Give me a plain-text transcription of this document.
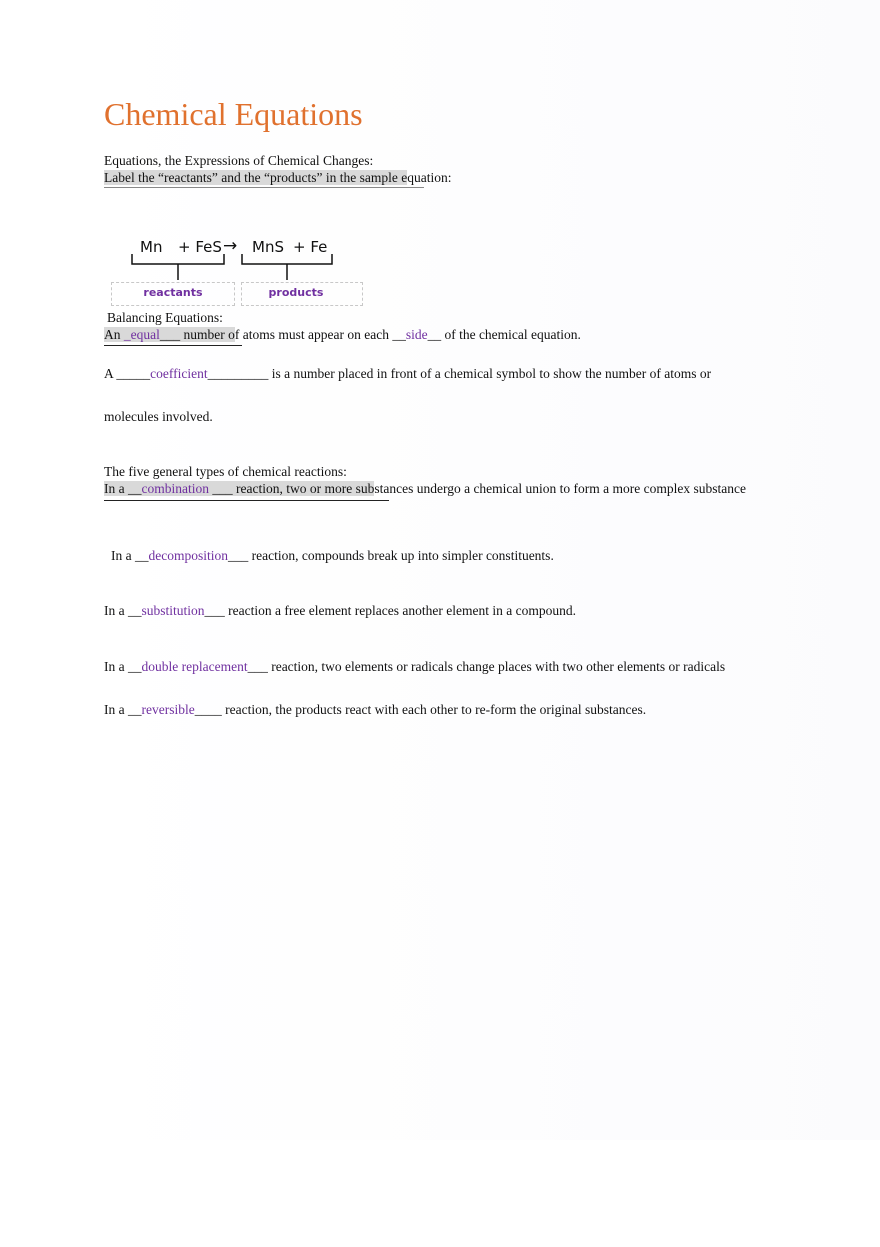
Chemical Equations
Equations, the Expressions of Chemical Changes:
Label the “reactants” and the “products” in the sample equation:
Mn + FeS → MnS + Fe
reactants	products
Balancing Equations:
An _equal___ number of atoms must appear on each __side__ of the chemical equation.
A _____coefficient_________ is a number placed in front of a chemical symbol to show the number of atoms or
molecules involved.
The five general types of chemical reactions:
In a __combination ___ reaction, two or more substances undergo a chemical union to form a more complex substance
In a __decomposition___ reaction, compounds break up into simpler constituents.
In a __substitution___ reaction a free element replaces another element in a compound.
In a __double replacement___ reaction, two elements or radicals change places with two other elements or radicals
In a __reversible____ reaction, the products react with each other to re-form the original substances.
